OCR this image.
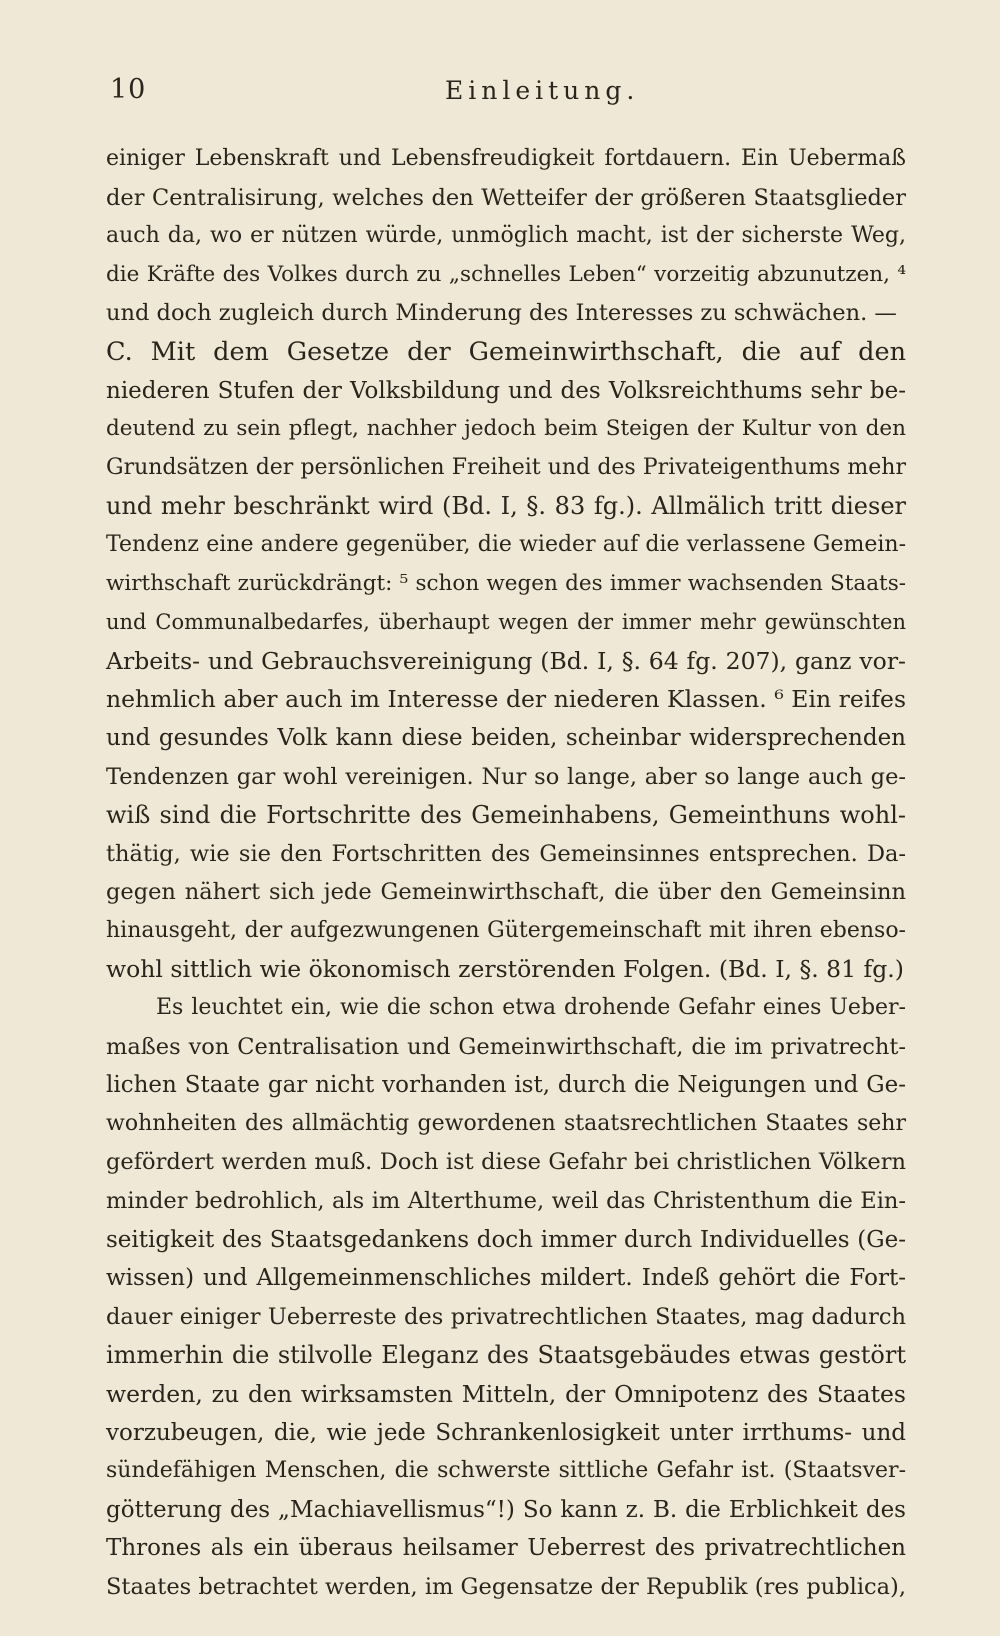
10	Einleitung.
einiger Lebenskraft und Lebensfreudigkeit fortdauern. Ein Uebermaß
der Centralisirung, welches den Wetteifer der größeren Staatsglieder
auch da, wo er nützen würde, unmöglich macht, ist der sicherste Weg,
die Kräfte des Volkes durch zu „schnelles Leben“ vorzeitig abzunutzen, ⁴
und doch zugleich durch Minderung des Interesses zu schwächen. —
C. Mit dem Gesetze der Gemeinwirthschaft, die auf den
niederen Stufen der Volksbildung und des Volksreichthums sehr be-
deutend zu sein pflegt, nachher jedoch beim Steigen der Kultur von den
Grundsätzen der persönlichen Freiheit und des Privateigenthums mehr
und mehr beschränkt wird (Bd. I, §. 83 fg.). Allmälich tritt dieser
Tendenz eine andere gegenüber, die wieder auf die verlassene Gemein-
wirthschaft zurückdrängt: ⁵ schon wegen des immer wachsenden Staats-
und Communalbedarfes, überhaupt wegen der immer mehr gewünschten
Arbeits- und Gebrauchsvereinigung (Bd. I, §. 64 fg. 207), ganz vor-
nehmlich aber auch im Interesse der niederen Klassen. ⁶ Ein reifes
und gesundes Volk kann diese beiden, scheinbar widersprechenden
Tendenzen gar wohl vereinigen. Nur so lange, aber so lange auch ge-
wiß sind die Fortschritte des Gemeinhabens, Gemeinthuns wohl-
thätig, wie sie den Fortschritten des Gemeinsinnes entsprechen. Da-
gegen nähert sich jede Gemeinwirthschaft, die über den Gemeinsinn
hinausgeht, der aufgezwungenen Gütergemeinschaft mit ihren ebenso-
wohl sittlich wie ökonomisch zerstörenden Folgen. (Bd. I, §. 81 fg.)
Es leuchtet ein, wie die schon etwa drohende Gefahr eines Ueber-
maßes von Centralisation und Gemeinwirthschaft, die im privatrecht-
lichen Staate gar nicht vorhanden ist, durch die Neigungen und Ge-
wohnheiten des allmächtig gewordenen staatsrechtlichen Staates sehr
gefördert werden muß. Doch ist diese Gefahr bei christlichen Völkern
minder bedrohlich, als im Alterthume, weil das Christenthum die Ein-
seitigkeit des Staatsgedankens doch immer durch Individuelles (Ge-
wissen) und Allgemeinmenschliches mildert. Indeß gehört die Fort-
dauer einiger Ueberreste des privatrechtlichen Staates, mag dadurch
immerhin die stilvolle Eleganz des Staatsgebäudes etwas gestört
werden, zu den wirksamsten Mitteln, der Omnipotenz des Staates
vorzubeugen, die, wie jede Schrankenlosigkeit unter irrthums- und
sündefähigen Menschen, die schwerste sittliche Gefahr ist. (Staatsver-
götterung des „Machiavellismus“!) So kann z. B. die Erblichkeit des
Thrones als ein überaus heilsamer Ueberrest des privatrechtlichen
Staates betrachtet werden, im Gegensatze der Republik (res publica),
